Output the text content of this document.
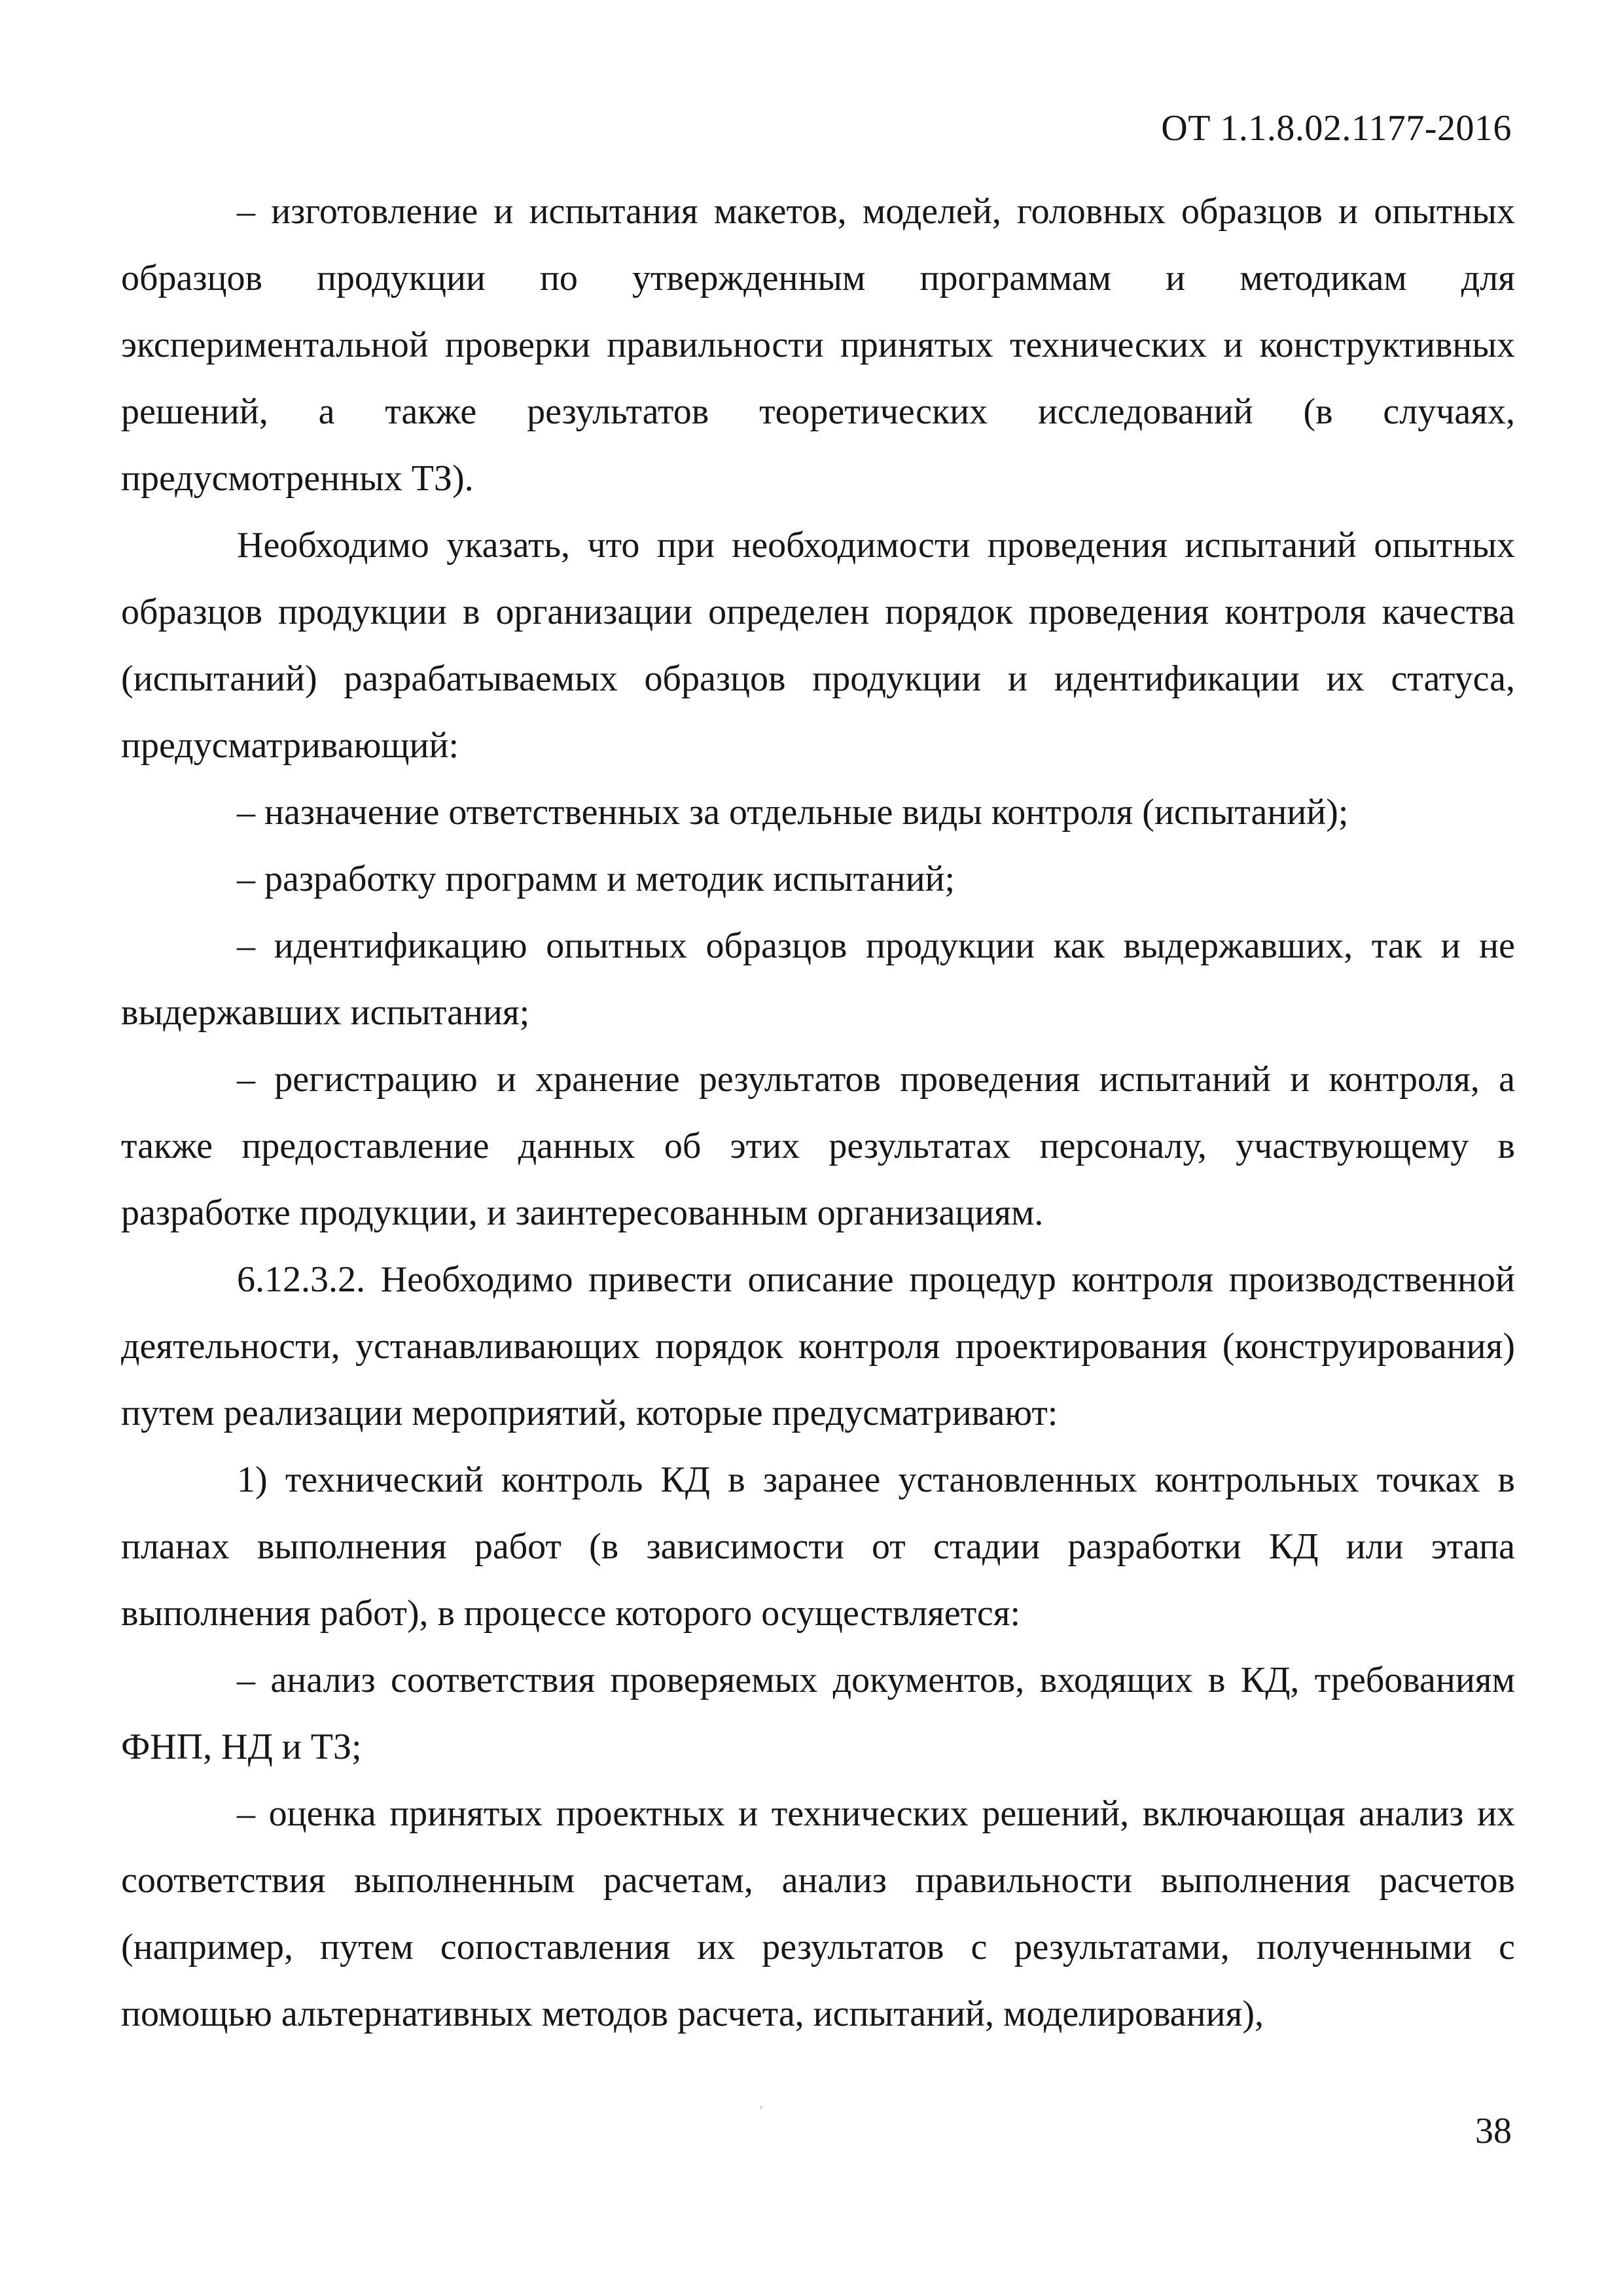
ОТ 1.1.8.02.1177-2016

– изготовление и испытания макетов, моделей, головных образцов и опытных образцов продукции по утвержденным программам и методикам для экспериментальной проверки правильности принятых технических и конструктивных решений, а также результатов теоретических исследований (в случаях, предусмотренных ТЗ).

Необходимо указать, что при необходимости проведения испытаний опытных образцов продукции в организации определен порядок проведения контроля качества (испытаний) разрабатываемых образцов продукции и идентификации их статуса, предусматривающий:

– назначение ответственных за отдельные виды контроля (испытаний);

– разработку программ и методик испытаний;

– идентификацию опытных образцов продукции как выдержавших, так и не выдержавших испытания;

– регистрацию и хранение результатов проведения испытаний и контроля, а также предоставление данных об этих результатах персоналу, участвующему в разработке продукции, и заинтересованным организациям.

6.12.3.2. Необходимо привести описание процедур контроля производственной деятельности, устанавливающих порядок контроля проектирования (конструирования) путем реализации мероприятий, которые предусматривают:

1) технический контроль КД в заранее установленных контрольных точках в планах выполнения работ (в зависимости от стадии разработки КД или этапа выполнения работ), в процессе которого осуществляется:

– анализ соответствия проверяемых документов, входящих в КД, требованиям ФНП, НД и ТЗ;

– оценка принятых проектных и технических решений, включающая анализ их соответствия выполненным расчетам, анализ правильности выполнения расчетов (например, путем сопоставления их результатов с результатами, полученными с помощью альтернативных методов расчета, испытаний, моделирования),

38
